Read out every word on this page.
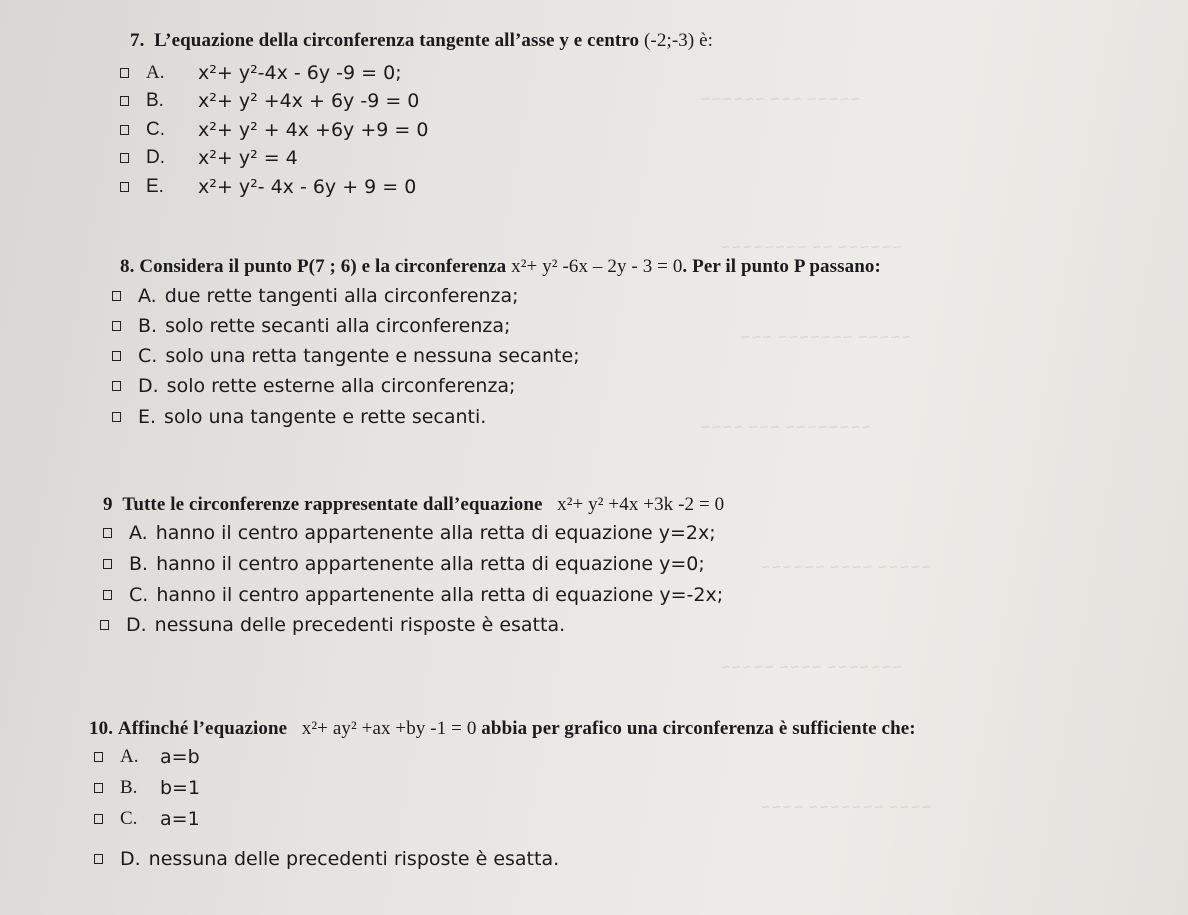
~~~~~ ~~~ ~~~~~~
~~~~~~ ~~ ~~~~~~~~
~~~~~ ~~~~~~~ ~~~
~~~~~~~~ ~~~ ~~~~
~~~~~ ~~~~ ~~~~~~
~~~~~~~ ~~~~ ~~~~~
~~~~ ~~~~~~~ ~~~~
7. L’equazione della circonferenza tangente all’asse y e centro (-2;-3) è:
A.	x²+ y²-4x - 6y -9 = 0;
B.	x²+ y² +4x + 6y -9 = 0
C.	x²+ y² + 4x +6y +9 = 0
D.	x²+ y² = 4
E.	x²+ y²- 4x - 6y + 9 = 0
8. Considera il punto P(7 ; 6) e la circonferenza x²+ y² -6x – 2y - 3 = 0. Per il punto P passano:
A. due rette tangenti alla circonferenza;
B. solo rette secanti alla circonferenza;
C. solo una retta tangente e nessuna secante;
D. solo rette esterne alla circonferenza;
E. solo una tangente e rette secanti.
9 Tutte le circonferenze rappresentate dall’equazione x²+ y² +4x +3k -2 = 0
A. hanno il centro appartenente alla retta di equazione y=2x;
B. hanno il centro appartenente alla retta di equazione y=0;
C. hanno il centro appartenente alla retta di equazione y=-2x;
D. nessuna delle precedenti risposte è esatta.
10. Affinché l’equazione x²+ ay² +ax +by -1 = 0 abbia per grafico una circonferenza è sufficiente che:
A.	a=b
B.	b=1
C.	a=1
D. nessuna delle precedenti risposte è esatta.
